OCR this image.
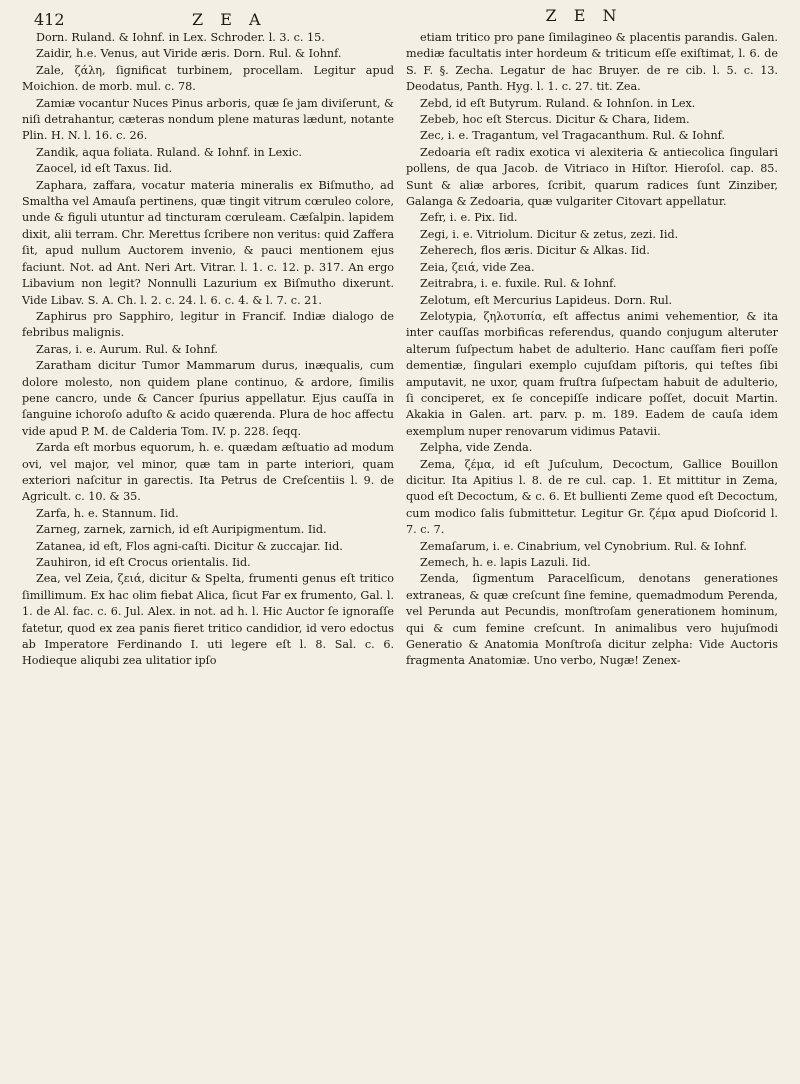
412	Z E A	Z E N

Dorn. Ruland. & Iohnf. in Lex. Schroder. l. 3. c. 15.

Zaidir, h.e. Venus, aut Viride æris. Dorn. Rul. & Iohnf.

Zale, ζάλη, ſignificat turbinem, procellam. Legitur apud Moichion. de morb. mul. c. 78.

Zamiæ vocantur Nuces Pinus arboris, quæ ſe jam diviſerunt, & niſi detrahantur, cæteras nondum plene maturas lædunt, notante Plin. H. N. l. 16. c. 26.

Zandik, aqua foliata. Ruland. & Iohnf. in Lexic.

Zaocel, id eſt Taxus. Iid.

Zaphara, zaffara, vocatur materia mineralis ex Biſmutho, ad Smaltha vel Amauſa pertinens, quæ tingit vitrum cœruleo colore, unde & figuli utuntur ad tincturam cœruleam. Cæſalpin. lapidem dixit, alii terram. Chr. Merettus ſcribere non veritus: quid Zaffera ſit, apud nullum Auctorem invenio, & pauci mentionem ejus faciunt. Not. ad Ant. Neri Art. Vitrar. l. 1. c. 12. p. 317. An ergo Libavium non legit? Nonnulli Lazurium ex Biſmutho dixerunt. Vide Libav. S. A. Ch. l. 2. c. 24. l. 6. c. 4. & l. 7. c. 21.

Zaphirus pro Sapphiro, legitur in Francif. Indiæ dialogo de febribus malignis.

Zaras, i. e. Aurum. Rul. & Iohnf.

Zaratham dicitur Tumor Mammarum durus, inæqualis, cum dolore molesto, non quidem plane continuo, & ardore, ſimilis pene cancro, unde & Cancer ſpurius appellatur. Ejus cauſſa in ſanguine ichoroſo aduſto & acido quærenda. Plura de hoc affectu vide apud P. M. de Calderia Tom. IV. p. 228. ſeqq.

Zarda eſt morbus equorum, h. e. quædam æſtuatio ad modum ovi, vel major, vel minor, quæ tam in parte interiori, quam exteriori naſcitur in garectis. Ita Petrus de Creſcentiis l. 9. de Agricult. c. 10. & 35.

Zarfa, h. e. Stannum. Iid.

Zarneg, zarnek, zarnich, id eſt Auripigmentum. Iid.

Zatanea, id eſt, Flos agni-caſti. Dicitur & zuccajar. Iid.

Zauhiron, id eſt Crocus orientalis. Iid.

Zea, vel Zeia, ζειά, dicitur & Spelta, frumenti genus eſt tritico ſimillimum. Ex hac olim fiebat Alica, ſicut Far ex frumento, Gal. l. 1. de Al. fac. c. 6. Jul. Alex. in not. ad h. l. Hic Auctor ſe ignoraſſe fatetur, quod ex zea panis fieret tritico candidior, id vero edoctus ab Imperatore Ferdinando I. uti legere eſt l. 8. Sal. c. 6. Hodieque aliqubi zea ulitatior ipſo

etiam tritico pro pane ſimilagineo & placentis parandis. Galen. mediæ facultatis inter hordeum & triticum eſſe exiſtimat, l. 6. de S. F. §. Zecha. Legatur de hac Bruyer. de re cib. l. 5. c. 13. Deodatus, Panth. Hyg. l. 1. c. 27. tit. Zea.

Zebd, id eſt Butyrum. Ruland. & Iohnſon. in Lex.

Zebeb, hoc eſt Stercus. Dicitur & Chara, Iidem.

Zec, i. e. Tragantum, vel Tragacanthum. Rul. & Iohnf.

Zedoaria eſt radix exotica vi alexiteria & antiecolica ſingulari pollens, de qua Jacob. de Vitriaco in Hiſtor. Hieroſol. cap. 85. Sunt & aliæ arbores, ſcribit, quarum radices ſunt Zinziber, Galanga & Zedoaria, quæ vulgariter Citovart appellatur.

Zefr, i. e. Pix. Iid.

Zegi, i. e. Vitriolum. Dicitur & zetus, zezi. Iid.

Zeherech, flos æris. Dicitur & Alkas. Iid.

Zeia, ζειά, vide Zea.

Zeitrabra, i. e. fuxile. Rul. & Iohnf.

Zelotum, eſt Mercurius Lapideus. Dorn. Rul.

Zelotypia, ζηλοτυπία, eſt affectus animi vehementior, & ita inter cauſſas morbificas referendus, quando conjugum alteruter alterum ſuſpectum habet de adulterio. Hanc cauſſam fieri poſſe dementiæ, ſingulari exemplo cujuſdam piſtoris, qui teſtes ſibi amputavit, ne uxor, quam fruſtra ſuſpectam habuit de adulterio, ſi conciperet, ex ſe concepiſſe indicare poſſet, docuit Martin. Akakia in Galen. art. parv. p. m. 189. Eadem de cauſa idem exemplum nuper renovarum vidimus Patavii.

Zelpha, vide Zenda.

Zema, ζέμα, id eſt Juſculum, Decoctum, Gallice Bouillon dicitur. Ita Apitius l. 8. de re cul. cap. 1. Et mittitur in Zema, quod eſt Decoctum, & c. 6. Et bullienti Zeme quod eſt Decoctum, cum modico ſalis ſubmittetur. Legitur Gr. ζέμα apud Dioſcorid l. 7. c. 7.

Zemaſarum, i. e. Cinabrium, vel Cynobrium. Rul. & Iohnf.

Zemech, h. e. lapis Lazuli. Iid.

Zenda, ſigmentum Paracelſicum, denotans generationes extraneas, & quæ creſcunt ſine femine, quemadmodum Perenda, vel Perunda aut Pecundis, monſtroſam generationem hominum, qui & cum femine creſcunt. In animalibus vero hujuſmodi Generatio & Anatomia Monſtroſa dicitur zelpha: Vide Auctoris fragmenta Anatomiæ. Uno verbo, Nugæ! Zenex-
